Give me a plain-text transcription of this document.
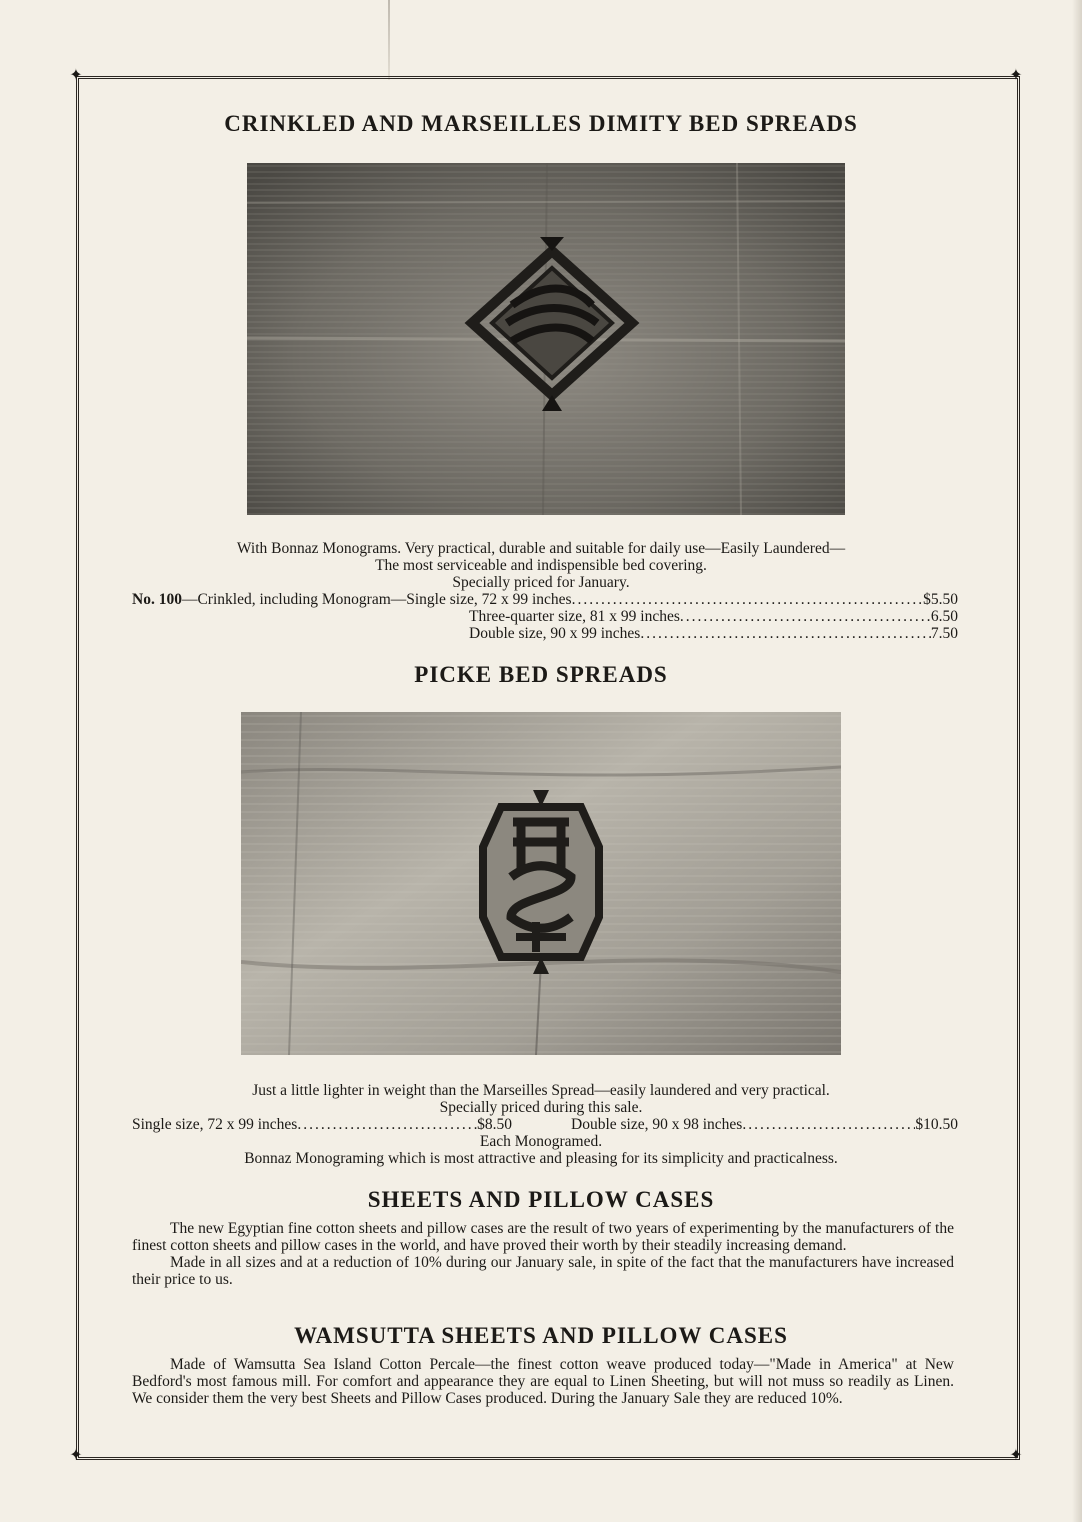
✦	✦
✦	✦
CRINKLED AND MARSEILLES DIMITY BED SPREADS
With Bonnaz Monograms. Very practical, durable and suitable for daily use—Easily Laundered—
The most serviceable and indispensible bed covering.
Specially priced for January.
No. 100 —Crinkled, including Monogram—Single size, 72 x 99 inches .....	$5.50
Three-quarter size, 81 x 99 inches .....	6.50
Double size, 90 x 99 inches .....	7.50
PICKE BED SPREADS
Just a little lighter in weight than the Marseilles Spread—easily laundered and very practical.
Specially priced during this sale.
Single size, 72 x 99 inches .....	$8.50	Double size, 90 x 98 inches .....	$10.50
Each Monogramed.
Bonnaz Monograming which is most attractive and pleasing for its simplicity and practicalness.
SHEETS AND PILLOW CASES

The new Egyptian fine cotton sheets and pillow cases are the result of two years of experimenting by the manufacturers of the finest cotton sheets and pillow cases in the world, and have proved their worth by their steadily increasing demand.

Made in all sizes and at a reduction of 10% during our January sale, in spite of the fact that the manufacturers have increased their price to us.

WAMSUTTA SHEETS AND PILLOW CASES

Made of Wamsutta Sea Island Cotton Percale—the finest cotton weave produced today—"Made in America" at New Bedford's most famous mill. For comfort and appearance they are equal to Linen Sheeting, but will not muss so readily as Linen. We consider them the very best Sheets and Pillow Cases produced. During the January Sale they are reduced 10%.
